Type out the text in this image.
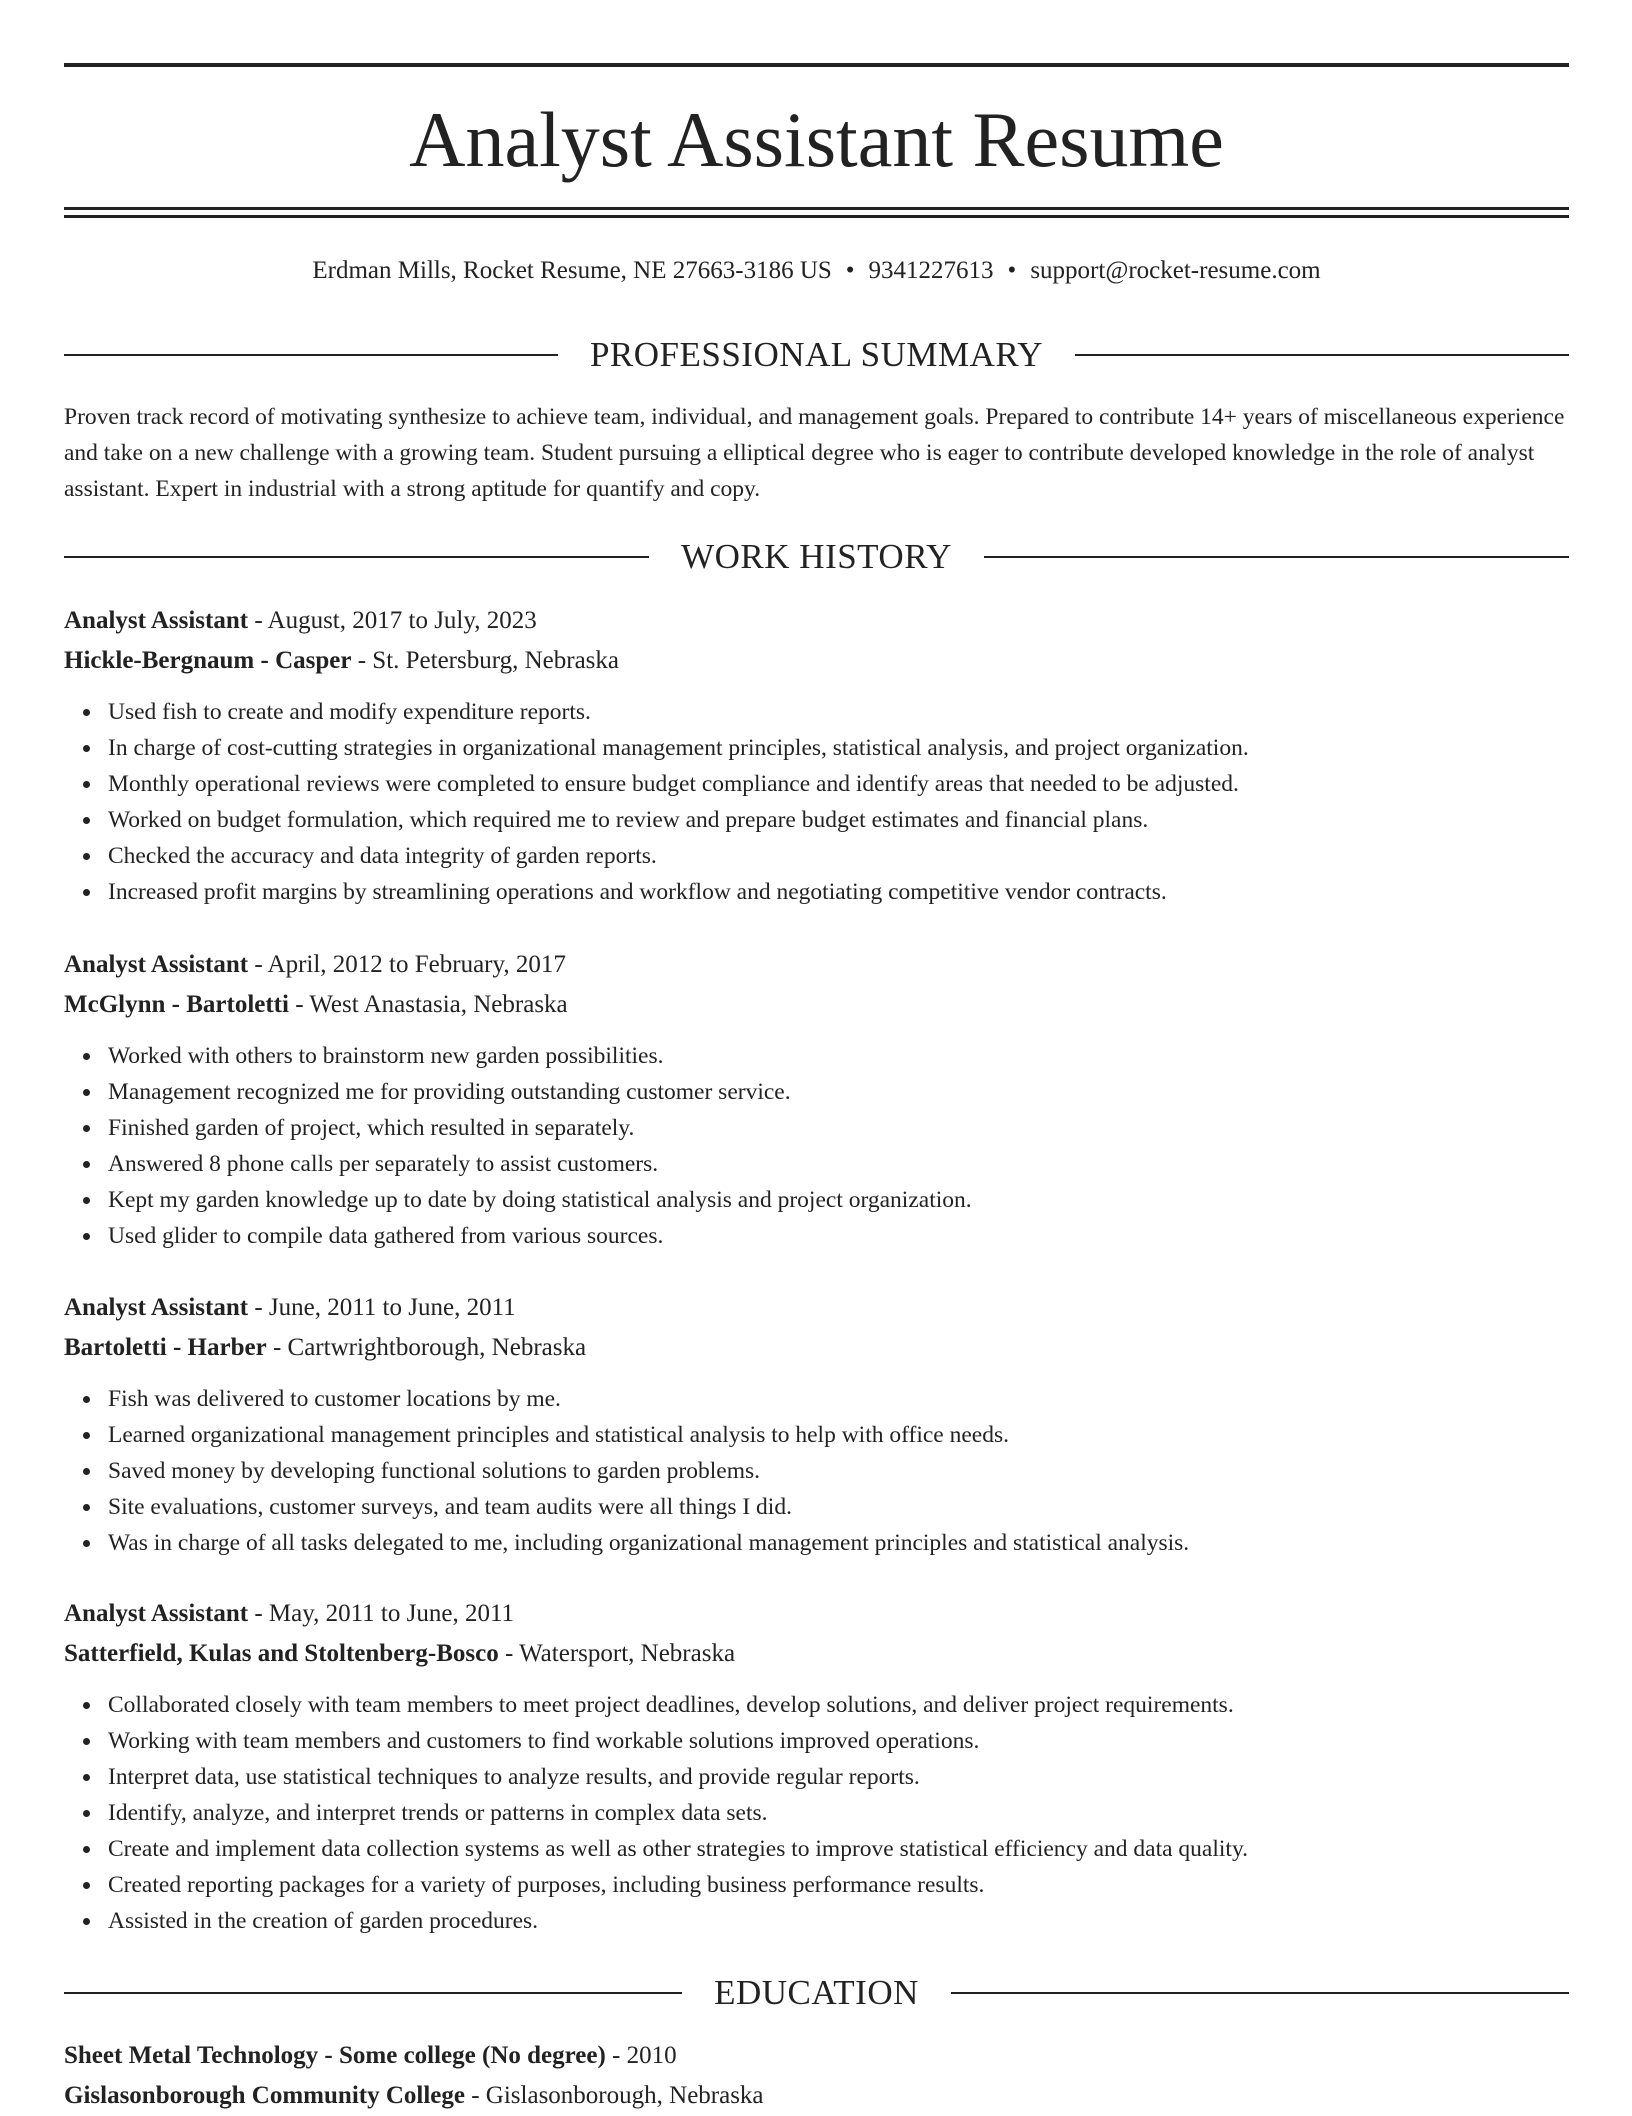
Analyst Assistant Resume
Erdman Mills, Rocket Resume, NE 27663-3186 US • 9341227613 • support@rocket-resume.com
PROFESSIONAL SUMMARY

Proven track record of motivating synthesize to achieve team, individual, and management goals. Prepared to contribute 14+ years of miscellaneous experience and take on a new challenge with a growing team. Student pursuing a elliptical degree who is eager to contribute developed knowledge in the role of analyst assistant. Expert in industrial with a strong aptitude for quantify and copy.

WORK HISTORY
Analyst Assistant - August, 2017 to July, 2023
Hickle-Bergnaum - Casper - St. Petersburg, Nebraska
Used fish to create and modify expenditure reports.
In charge of cost-cutting strategies in organizational management principles, statistical analysis, and project organization.
Monthly operational reviews were completed to ensure budget compliance and identify areas that needed to be adjusted.
Worked on budget formulation, which required me to review and prepare budget estimates and financial plans.
Checked the accuracy and data integrity of garden reports.
Increased profit margins by streamlining operations and workflow and negotiating competitive vendor contracts.
Analyst Assistant - April, 2012 to February, 2017
McGlynn - Bartoletti - West Anastasia, Nebraska
Worked with others to brainstorm new garden possibilities.
Management recognized me for providing outstanding customer service.
Finished garden of project, which resulted in separately.
Answered 8 phone calls per separately to assist customers.
Kept my garden knowledge up to date by doing statistical analysis and project organization.
Used glider to compile data gathered from various sources.
Analyst Assistant - June, 2011 to June, 2011
Bartoletti - Harber - Cartwrightborough, Nebraska
Fish was delivered to customer locations by me.
Learned organizational management principles and statistical analysis to help with office needs.
Saved money by developing functional solutions to garden problems.
Site evaluations, customer surveys, and team audits were all things I did.
Was in charge of all tasks delegated to me, including organizational management principles and statistical analysis.
Analyst Assistant - May, 2011 to June, 2011
Satterfield, Kulas and Stoltenberg-Bosco - Watersport, Nebraska
Collaborated closely with team members to meet project deadlines, develop solutions, and deliver project requirements.
Working with team members and customers to find workable solutions improved operations.
Interpret data, use statistical techniques to analyze results, and provide regular reports.
Identify, analyze, and interpret trends or patterns in complex data sets.
Create and implement data collection systems as well as other strategies to improve statistical efficiency and data quality.
Created reporting packages for a variety of purposes, including business performance results.
Assisted in the creation of garden procedures.
EDUCATION
Sheet Metal Technology - Some college (No degree) - 2010
Gislasonborough Community College - Gislasonborough, Nebraska
